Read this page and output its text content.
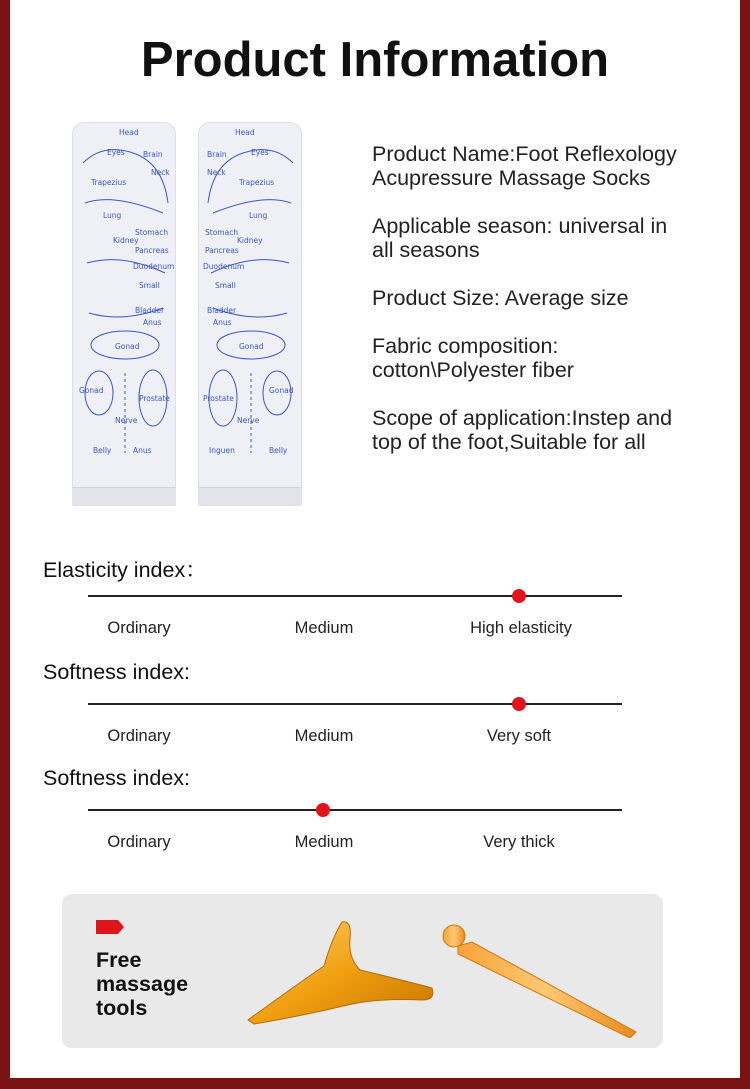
Product Information
Head
Eyes Brain
Neck
Trapezius
Lung
Stomach
Kidney
Pancreas
Duodenum
Small
Bladder
Anus
Gonad
Gonad
Prostate
Nerve
Belly	Anus
Head
Eyes
Brain
Neck
Trapezius
Lung
Stomach
Kidney
Pancreas
Duodenum
Small
Bladder
Anus
Gonad
Gonad
Prostate
Nerve
Belly
Inguen

Product Name:Foot Reflexology Acupressure Massage Socks

Applicable season: universal in all seasons

Product Size: Average size

Fabric composition: cotton\Polyester fiber

Scope of application:Instep and top of the foot,Suitable for all

Elasticity index：
Ordinary	Medium	High elasticity
Softness index:
Ordinary	Medium	Very soft
Softness index:
Ordinary	Medium	Very thick
Free massage tools
